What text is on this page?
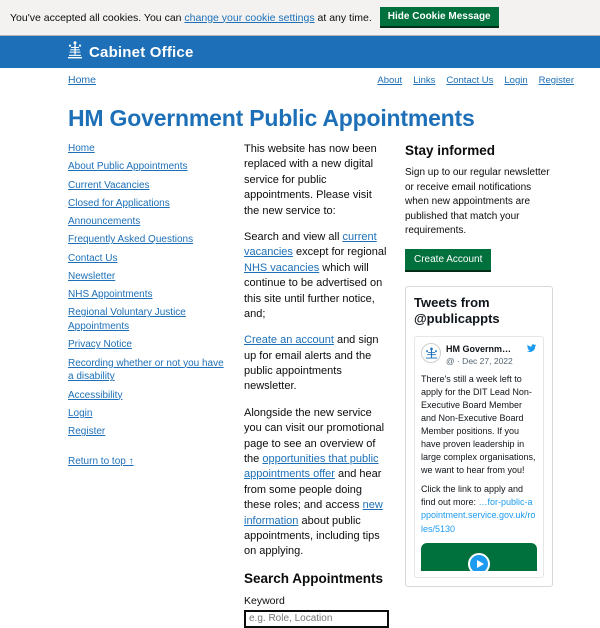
You've accepted all cookies. You can change your cookie settings at any time.	Hide Cookie Message
Cabinet Office
Home	About Links Contact Us Login Register
HM Government Public Appointments
Home
About Public Appointments
Current Vacancies
Closed for Applications
Announcements
Frequently Asked Questions
Contact Us
Newsletter
NHS Appointments
Regional Voluntary Justice Appointments
Privacy Notice
Recording whether or not you have a disability
Accessibility
Login
Register
Return to top ↑

This website has now been replaced with a new digital service for public appointments. Please visit the new service to:

Search and view all current vacancies except for regional NHS vacancies which will continue to be advertised on this site until further notice, and;

Create an account and sign up for email alerts and the public appointments newsletter.

Alongside the new service you can visit our promotional page to see an overview of the opportunities that public appointments offer and hear from some people doing these roles; and access new information about public appointments, including tips on applying.

Search Appointments
Keyword
e.g. Role, Location
Stay informed

Sign up to our regular newsletter or receive email notifications when new appointments are published that match your requirements.

Create Account
Tweets from @publicappts
HM Governm… @ · Dec 27, 2022
There's still a week left to apply for the DIT Lead Non-Executive Board Member and Non-Executive Board Member positions. If you have proven leadership in large complex organisations, we want to hear from you!
Click the link to apply and find out more: …for-public-appointment.service.gov.uk/roles/5130
